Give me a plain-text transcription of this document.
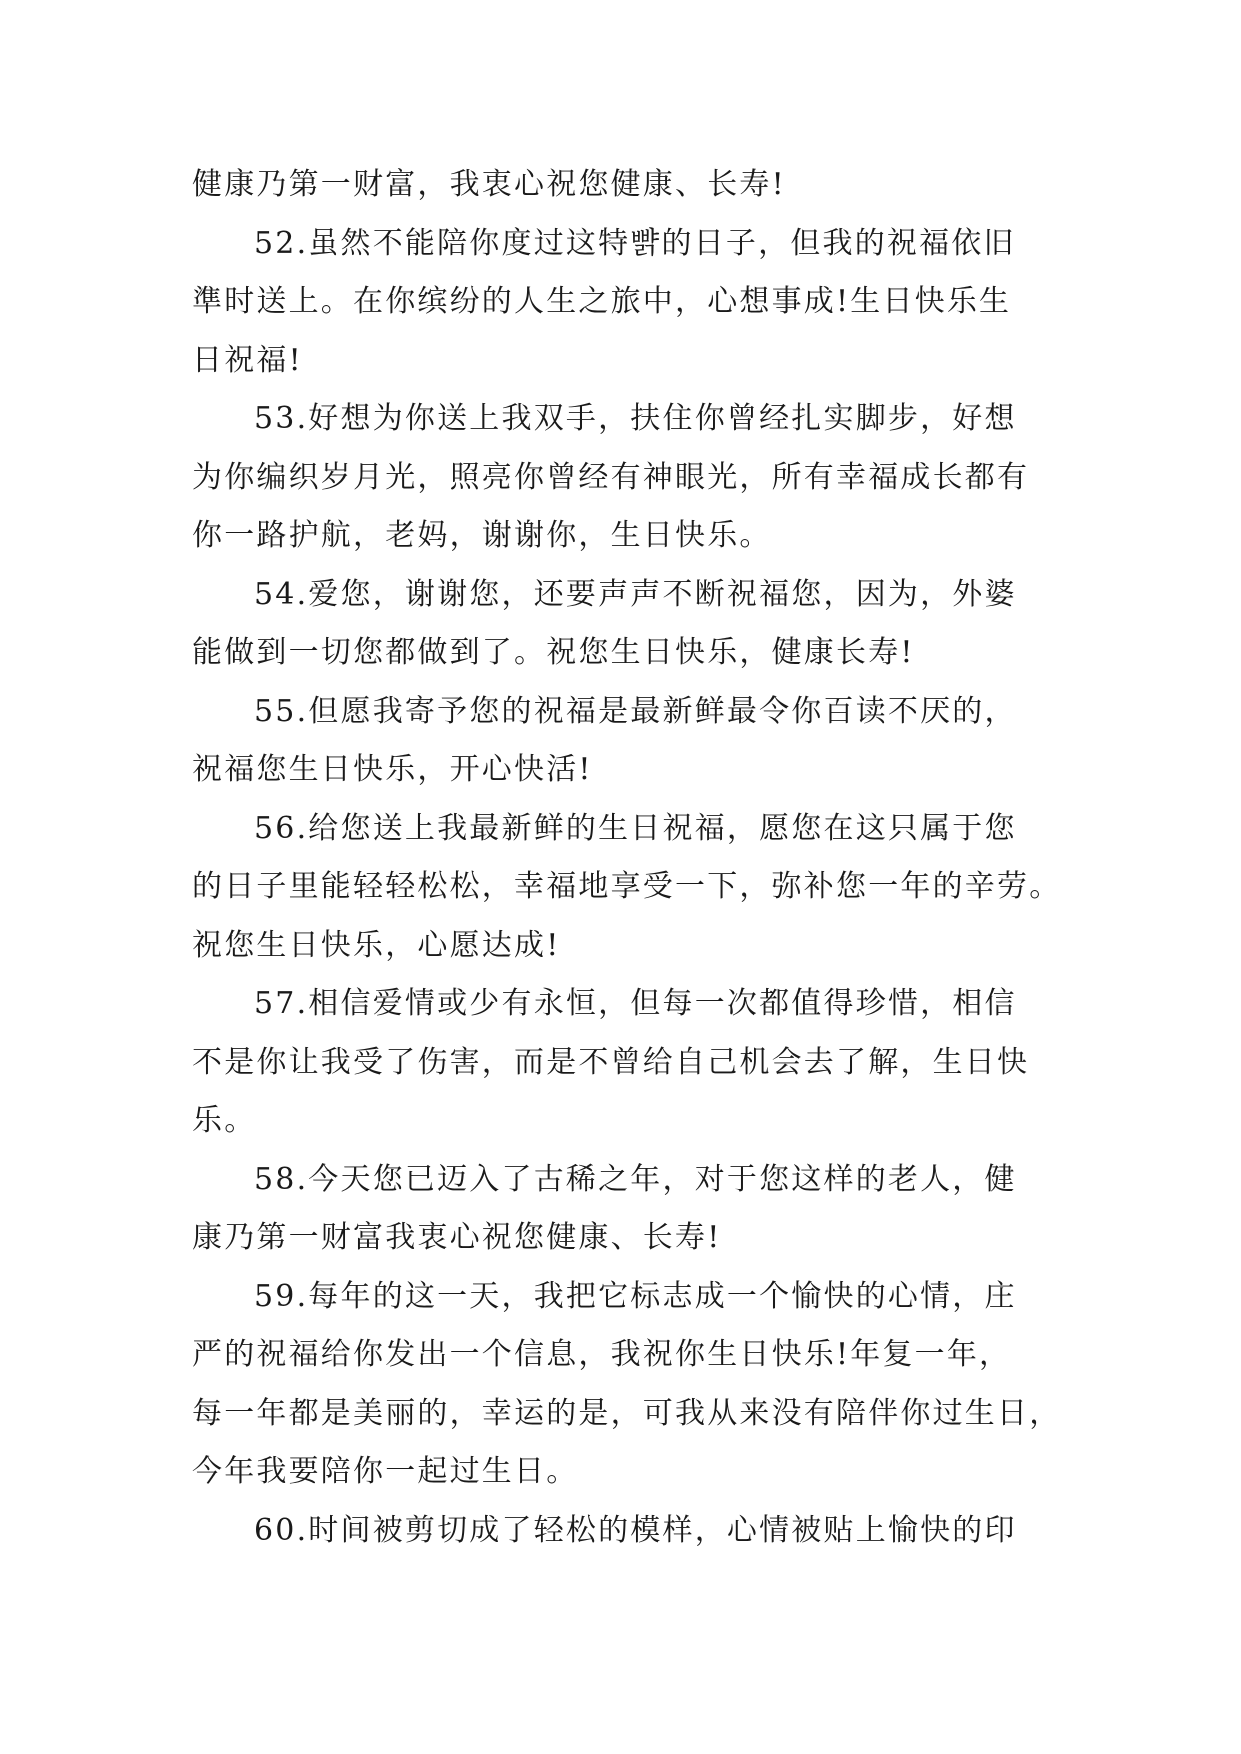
健康乃第一财富，我衷心祝您健康、长寿!
52.虽然不能陪你度过这特뺡的日子，但我的祝福依旧
準时送上。在你缤纷的人生之旅中，心想事成!生日快乐生
日祝福!
53.好想为你送上我双手，扶住你曾经扎实脚步，好想
为你编织岁月光，照亮你曾经有神眼光，所有幸福成长都有
你一路护航，老妈，谢谢你，生日快乐。
54.爱您，谢谢您，还要声声不断祝福您，因为，外婆
能做到一切您都做到了。祝您生日快乐，健康长寿!
55.但愿我寄予您的祝福是最新鲜最令你百读不厌的，
祝福您生日快乐，开心快活!
56.给您送上我最新鲜的生日祝福，愿您在这只属于您
的日子里能轻轻松松，幸福地享受一下，弥补您一年的辛劳。
祝您生日快乐，心愿达成!
57.相信爱情或少有永恒，但每一次都值得珍惜，相信
不是你让我受了伤害，而是不曾给自己机会去了解，生日快
乐。
58.今天您已迈入了古稀之年，对于您这样的老人，健
康乃第一财富我衷心祝您健康、长寿!
59.每年的这一天，我把它标志成一个愉快的心情，庄
严的祝福给你发出一个信息，我祝你生日快乐!年复一年，
每一年都是美丽的，幸运的是，可我从来没有陪伴你过生日，
今年我要陪你一起过生日。
60.时间被剪切成了轻松的模样，心情被贴上愉快的印
